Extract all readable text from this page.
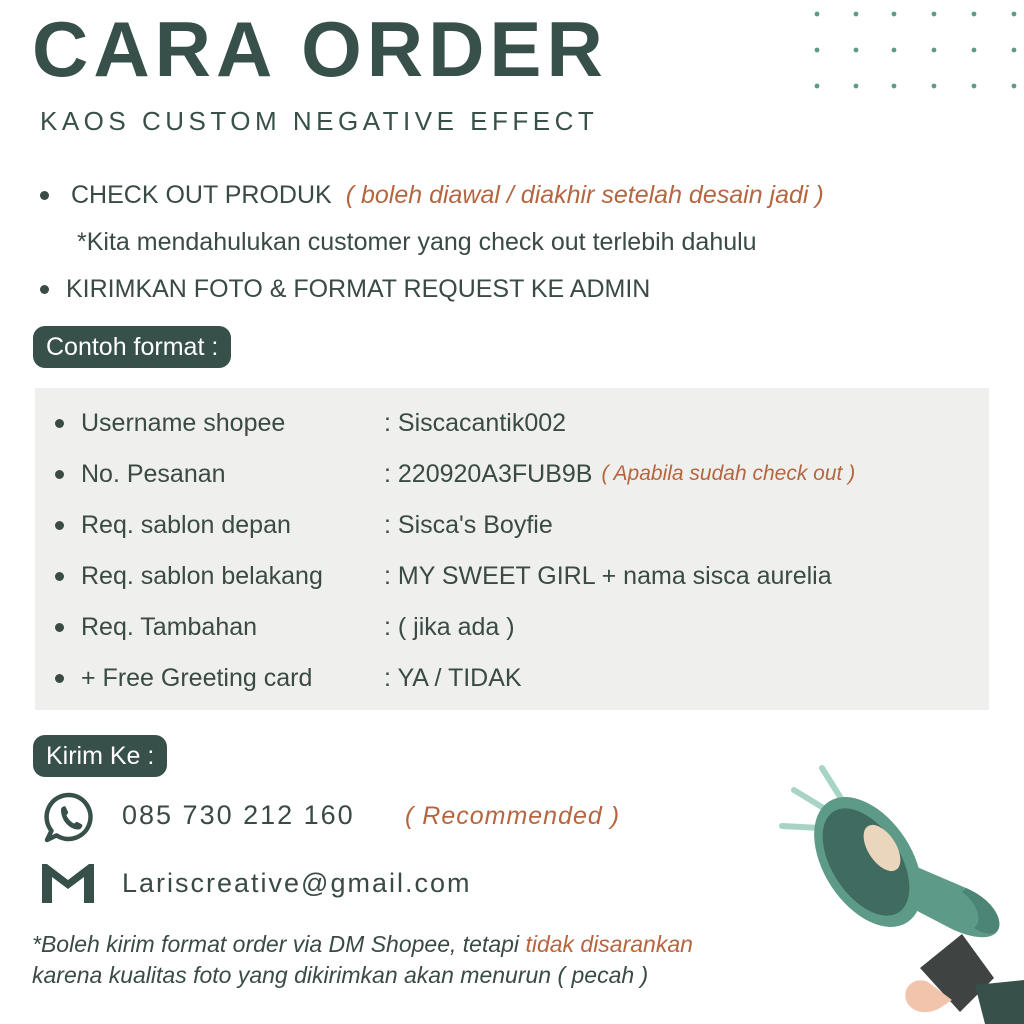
CARA ORDER
KAOS CUSTOM NEGATIVE EFFECT
CHECK OUT PRODUK ( boleh diawal / diakhir setelah desain jadi )
*Kita mendahulukan customer yang check out terlebih dahulu
KIRIMKAN FOTO & FORMAT REQUEST KE ADMIN
Contoh format :
Username shopee	: Siscacantik002
No. Pesanan	: 220920A3FUB9B ( Apabila sudah check out )
Req. sablon depan	: Sisca's Boyfie
Req. sablon belakang	: MY SWEET GIRL + nama sisca aurelia
Req. Tambahan	: ( jika ada )
+ Free Greeting card	: YA / TIDAK
Kirim Ke :
085 730 212 160 ( Recommended )
Lariscreative@gmail.com
*Boleh kirim format order via DM Shopee, tetapi tidak disarankan
karena kualitas foto yang dikirimkan akan menurun ( pecah )
